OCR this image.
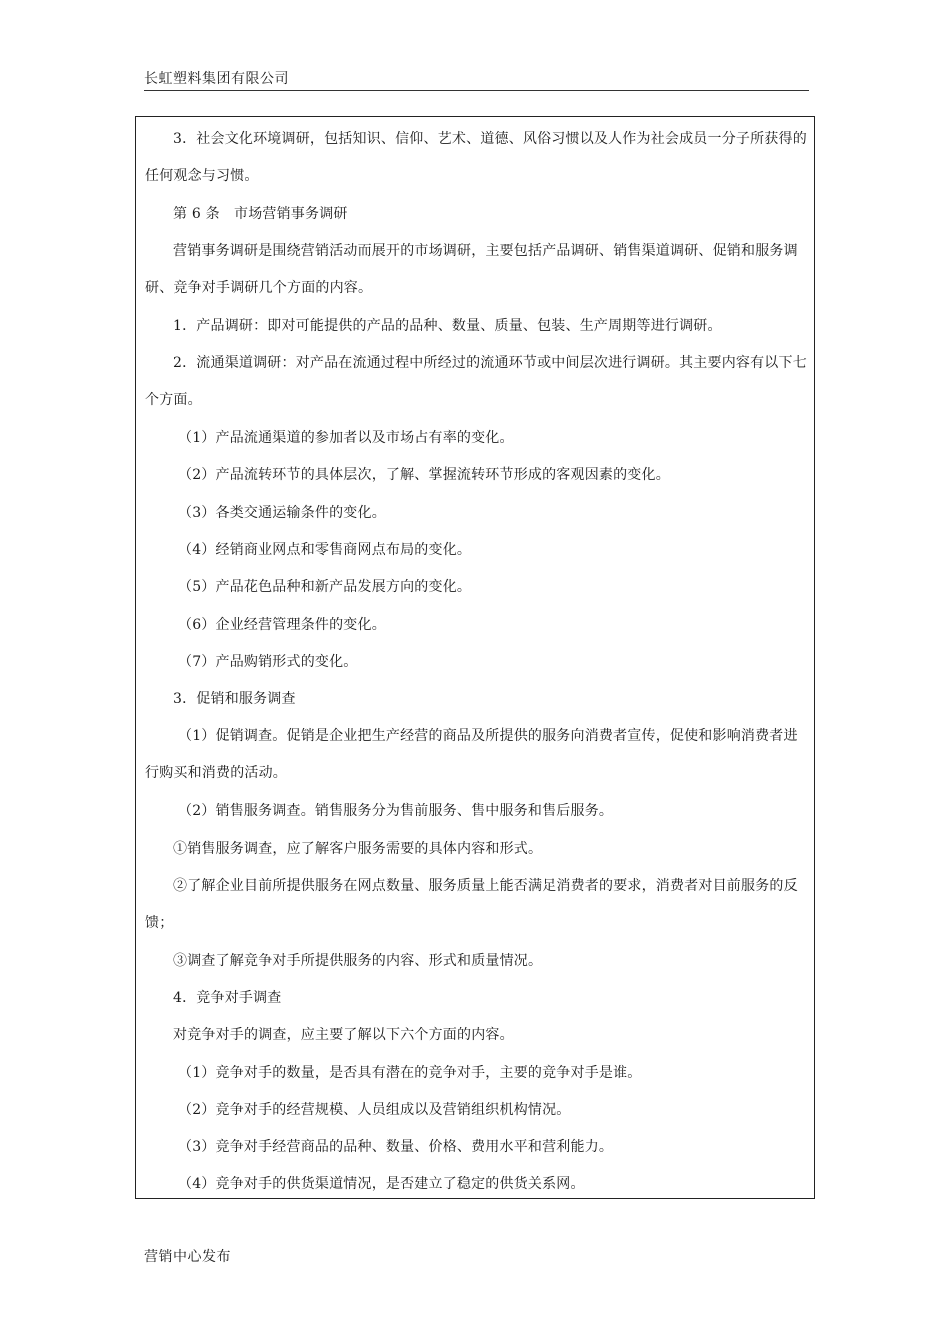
长虹塑料集团有限公司

3．社会文化环境调研，包括知识、信仰、艺术、道德、风俗习惯以及人作为社会成员一分子所获得的任何观念与习惯。

第 6 条　市场营销事务调研

营销事务调研是围绕营销活动而展开的市场调研，主要包括产品调研、销售渠道调研、促销和服务调研、竞争对手调研几个方面的内容。

1．产品调研：即对可能提供的产品的品种、数量、质量、包装、生产周期等进行调研。

2．流通渠道调研：对产品在流通过程中所经过的流通环节或中间层次进行调研。其主要内容有以下七个方面。

（1）产品流通渠道的参加者以及市场占有率的变化。

（2）产品流转环节的具体层次，了解、掌握流转环节形成的客观因素的变化。

（3）各类交通运输条件的变化。

（4）经销商业网点和零售商网点布局的变化。

（5）产品花色品种和新产品发展方向的变化。

（6）企业经营管理条件的变化。

（7）产品购销形式的变化。

3．促销和服务调查

（1）促销调查。促销是企业把生产经营的商品及所提供的服务向消费者宣传，促使和影响消费者进行购买和消费的活动。

（2）销售服务调查。销售服务分为售前服务、售中服务和售后服务。

①销售服务调查，应了解客户服务需要的具体内容和形式。

②了解企业目前所提供服务在网点数量、服务质量上能否满足消费者的要求，消费者对目前服务的反馈；

③调查了解竞争对手所提供服务的内容、形式和质量情况。

4．竞争对手调查

对竞争对手的调查，应主要了解以下六个方面的内容。

（1）竞争对手的数量，是否具有潜在的竞争对手，主要的竞争对手是谁。

（2）竞争对手的经营规模、人员组成以及营销组织机构情况。

（3）竞争对手经营商品的品种、数量、价格、费用水平和营利能力。

（4）竞争对手的供货渠道情况，是否建立了稳定的供货关系网。

营销中心发布
